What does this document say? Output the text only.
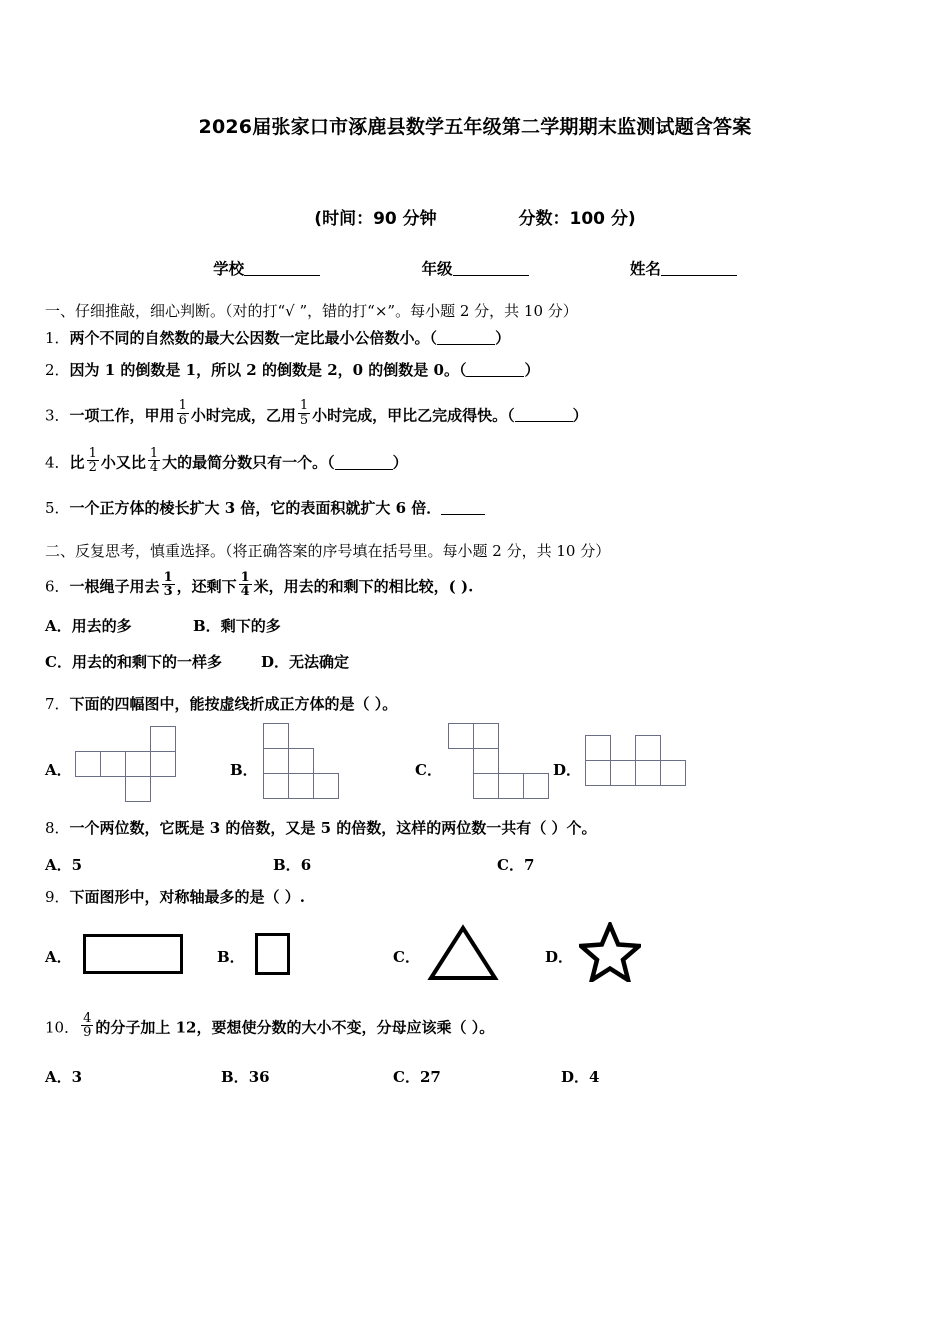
2026届张家口市涿鹿县数学五年级第二学期期末监测试题含答案
(时间：90 分钟	分数：100 分)
学校	年级	姓名
一、仔细推敲，细心判断。（对的打“√ ”，错的打“×”。每小题 2 分，共 10 分）
1．两个不同的自然数的最大公因数一定比最小公倍数小。（	）
2．因为 1 的倒数是 1，所以 2 的倒数是 2，0 的倒数是 0。（	）
3．一项工作，甲用 $\frac{1}{6}$ 小时完成，乙用 $\frac{1}{5}$ 小时完成，甲比乙完成得快。（	）
4．比 $\frac{1}{2}$ 小又比 $\frac{1}{4}$ 大的最简分数只有一个。（	）
5．一个正方体的棱长扩大 3 倍，它的表面积就扩大 6 倍．
二、反复思考，慎重选择。（将正确答案的序号填在括号里。每小题 2 分，共 10 分）
6．一根绳子用去 $\frac{1}{3}$ ，还剩下 $\frac{1}{4}$ 米，用去的和剩下的相比较，( ).
A．用去的多	B．剩下的多
C．用去的和剩下的一样多	D．无法确定
7．下面的四幅图中，能按虚线折成正方体的是（ ）。
A．	B．	C．	D．
8．一个两位数，它既是 3 的倍数，又是 5 的倍数，这样的两位数一共有（ ）个。
A．5	B．6	C．7
9．下面图形中，对称轴最多的是（ ）.
A．	B．	C．	D．
10． $\frac{4}{9}$ 的分子加上 12，要想使分数的大小不变，分母应该乘（ ）。
A．3	B．36	C．27	D．4
